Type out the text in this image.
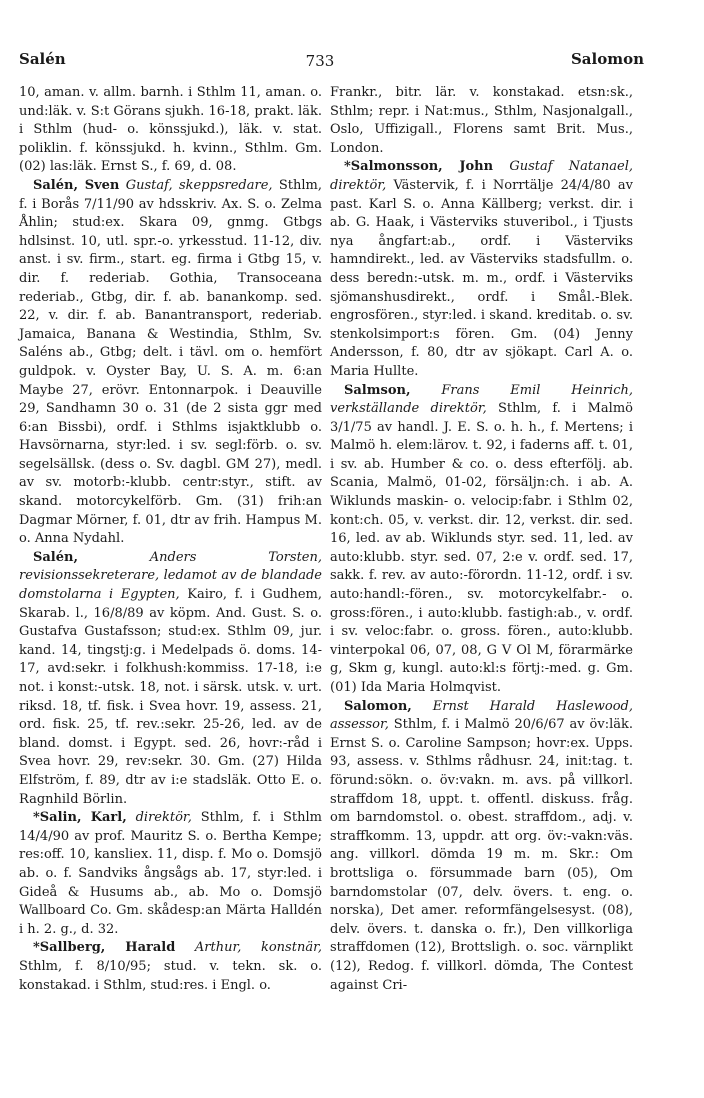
Salén	733	Salomon

10, aman. v. allm. barnh. i Sthlm 11, aman. o. und:läk. v. S:t Görans sjukh. 16-18, prakt. läk. i Sthlm (hud- o. könssjukd.), läk. v. stat. poliklin. f. könssjukd. h. kvinn., Sthlm. Gm. (02) las:läk. Ernst S., f. 69, d. 08.

Salén, Sven Gustaf, skeppsredare, Sthlm, f. i Borås 7/11/90 av hdsskriv. Ax. S. o. Zelma Åhlin; stud:ex. Skara 09, gnmg. Gtbgs hdlsinst. 10, utl. spr.-o. yrkesstud. 11-12, div. anst. i sv. firm., start. eg. firma i Gtbg 15, v. dir. f. rederiab. Gothia, Transoceana rederiab., Gtbg, dir. f. ab. banankomp. sed. 22, v. dir. f. ab. Banantransport, rederiab. Jamaica, Banana & Westindia, Sthlm, Sv. Saléns ab., Gtbg; delt. i tävl. om o. hemfört guldpok. v. Oyster Bay, U. S. A. m. 6:an Maybe 27, erövr. Entonnarpok. i Deauville 29, Sandhamn 30 o. 31 (de 2 sista ggr med 6:an Bissbi), ordf. i Sthlms isjaktklubb o. Havsörnarna, styr:led. i sv. segl:förb. o. sv. segelsällsk. (dess o. Sv. dagbl. GM 27), medl. av sv. motorb:-klubb. centr:styr., stift. av skand. motorcykelförb. Gm. (31) frih:an Dagmar Mörner, f. 01, dtr av frih. Hampus M. o. Anna Nydahl.

Salén,	Anders Torsten, revisionssekreterare, ledamot av de blandade domstolarna i Egypten, Kairo, f. i Gudhem, Skarab. l., 16/8/89 av köpm. And. Gust. S. o. Gustafva Gustafsson; stud:ex. Sthlm 09, jur. kand. 14, tingstj:g. i Medelpads ö. doms. 14-17, avd:sekr. i folkhush:kommiss. 17-18, i:e not. i konst:-utsk. 18, not. i särsk. utsk. v. urt. riksd. 18, tf. fisk. i Svea hovr. 19, assess. 21, ord. fisk. 25, tf. rev.:sekr. 25-26, led. av de bland. domst. i Egypt. sed. 26, hovr:-råd i Svea hovr. 29, rev:sekr. 30. Gm. (27) Hilda Elfström, f. 89, dtr av i:e stadsläk. Otto E. o. Ragnhild Börlin.

*Salin, Karl, direktör, Sthlm, f. i Sthlm 14/4/90 av prof. Mauritz S. o. Bertha Kempe; res:off. 10, kansliex. 11, disp. f. Mo o. Domsjö ab. o. f. Sandviks ångsågs ab. 17, styr:led. i Gideå & Husums ab., ab. Mo o. Domsjö Wallboard Co. Gm. skådesp:an Märta Halldén i h. 2. g., d. 32.

*Sallberg, Harald Arthur, konstnär, Sthlm, f. 8/10/95; stud. v. tekn. sk. o. konstakad. i Sthlm, stud:res. i Engl. o.

Frankr., bitr. lär. v. konstakad. etsn:sk., Sthlm; repr. i Nat:mus., Sthlm, Nasjonalgall., Oslo, Uffizigall., Florens samt Brit. Mus., London.

*Salmonsson, John Gustaf Natanael, direktör, Västervik, f. i Norrtälje 24/4/80 av past. Karl S. o. Anna Källberg; verkst. dir. i ab. G. Haak, i Västerviks stuveribol., i Tjusts nya ångfart:ab., ordf. i Västerviks hamndirekt., led. av Västerviks stadsfullm. o. dess beredn:-utsk. m. m., ordf. i Västerviks sjömanshusdirekt., ordf. i Smål.-Blek. engrosfören., styr:led. i skand. kreditab. o. sv. stenkolsimport:s fören. Gm. (04) Jenny Andersson, f. 80, dtr av sjökapt. Carl A. o. Maria Hullte.

Salmson, Frans Emil Heinrich, verkställande direktör, Sthlm, f. i Malmö 3/1/75 av handl. J. E. S. o. h. h., f. Mertens; i Malmö h. elem:lärov. t. 92, i faderns aff. t. 01, i sv. ab. Humber & co. o. dess efterfölj. ab. Scania, Malmö, 01-02, försäljn:ch. i ab. A. Wiklunds maskin- o. velocip:fabr. i Sthlm 02, kont:ch. 05, v. verkst. dir. 12, verkst. dir. sed. 16, led. av ab. Wiklunds styr. sed. 11, led. av auto:klubb. styr. sed. 07, 2:e v. ordf. sed. 17, sakk. f. rev. av auto:-förordn. 11-12, ordf. i sv. auto:handl:-fören., sv. motorcykelfabr.- o. gross:fören., i auto:klubb. fastigh:ab., v. ordf. i sv. veloc:fabr. o. gross. fören., auto:klubb. vinterpokal 06, 07, 08, G V Ol M, förarmärke g, Skm g, kungl. auto:kl:s förtj:-med. g. Gm. (01) Ida Maria Holmqvist.

Salomon, Ernst Harald Haslewood, assessor, Sthlm, f. i Malmö 20/6/67 av öv:läk. Ernst S. o. Caroline Sampson; hovr:ex. Upps. 93, assess. v. Sthlms rådhusr. 24, init:tag. t. förund:sökn. o. öv:vakn. m. avs. på villkorl. straffdom 18, uppt. t. offentl. diskuss. fråg. om barndomstol. o. obest. straffdom., adj. v. straffkomm. 13, uppdr. att org. öv:-vakn:väs. ang. villkorl. dömda 19 m. m. Skr.: Om brottsliga o. försummade barn (05), Om barndomstolar (07, delv. övers. t. eng. o. norska), Det amer. reformfängelsesyst. (08), delv. övers. t. danska o. fr.), Den villkorliga straffdomen (12), Brottsligh. o. soc. värnplikt (12), Redog. f. villkorl. dömda, The Contest against Cri-
